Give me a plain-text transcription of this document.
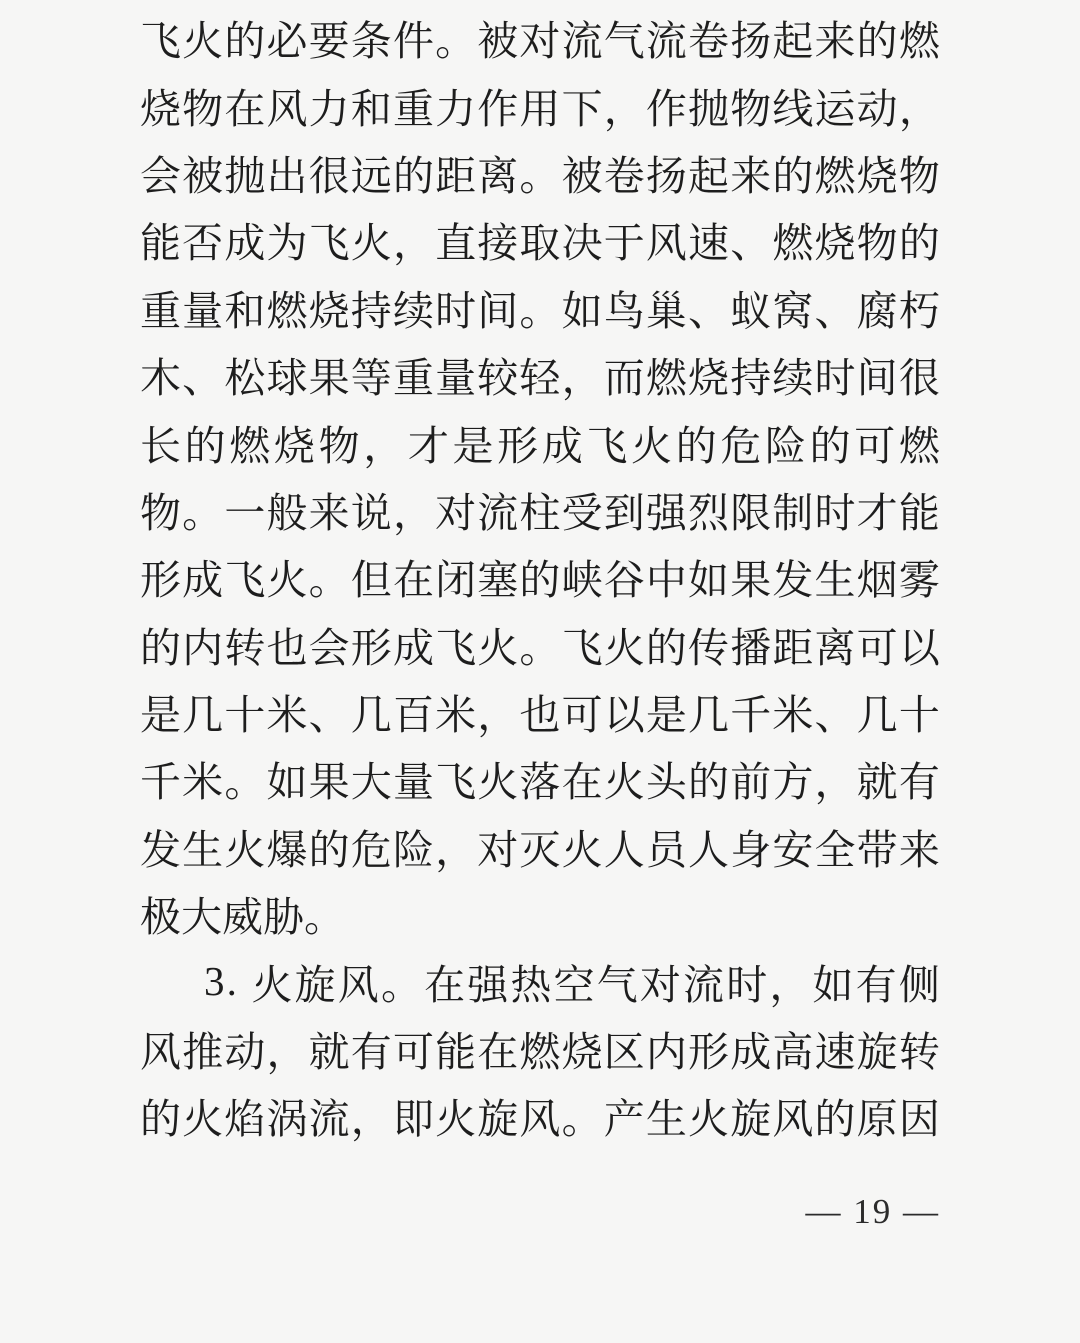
飞 火 的 必 要 条 件 。 被 对 流 气 流 卷 扬 起 来 的 燃
烧 物 在 风 力 和 重 力 作 用 下 ， 作 抛 物 线 运 动 ，
会 被 抛 出 很 远 的 距 离 。 被 卷 扬 起 来 的 燃 烧 物
能 否 成 为 飞 火 ， 直 接 取 决 于 风 速 、 燃 烧 物 的
重 量 和 燃 烧 持 续 时 间 。 如 鸟 巢 、 蚁 窝 、 腐 朽
木 、 松 球 果 等 重 量 较 轻 ， 而 燃 烧 持 续 时 间 很
长 的 燃 烧 物 ， 才 是 形 成 飞 火 的 危 险 的 可 燃
物 。 一 般 来 说 ， 对 流 柱 受 到 强 烈 限 制 时 才 能
形 成 飞 火 。 但 在 闭 塞 的 峡 谷 中 如 果 发 生 烟 雾
的 内 转 也 会 形 成 飞 火 。 飞 火 的 传 播 距 离 可 以
是 几 十 米 、 几 百 米 ， 也 可 以 是 几 千 米 、 几 十
千 米 。 如 果 大 量 飞 火 落 在 火 头 的 前 方 ， 就 有
发 生 火 爆 的 危 险 ， 对 灭 火 人 员 人 身 安 全 带 来
极大威胁。
3 .
火 旋 风 。 在 强 热 空 气 对 流 时 ， 如 有 侧
风 推 动 ， 就 有 可 能 在 燃 烧 区 内 形 成 高 速 旋 转
的 火 焰 涡 流 ， 即 火 旋 风 。 产 生 火 旋 风 的 原 因
— 19 —
